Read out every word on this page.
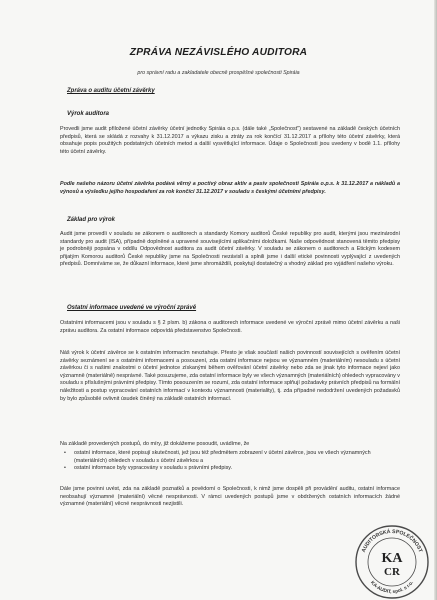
ZPRÁVA NEZÁVISLÉHO AUDITORA
pro správní radu a zakladatele obecně prospěšné společnosti Spiráia
Zpráva o auditu účetní závěrky
Výrok auditora
Provedli jsme audit přiložené účetní závěrky účetní jednotky Spiráia o.p.s. (dále také „Společnost") sestavené na základě českých účetních předpisů, která se skládá z rozvahy k 31.12.2017 a výkazu zisku a ztráty za rok končící 31.12.2017 a přílohy této účetní závěrky, která obsahuje popis použitých podstatných účetních metod a další vysvětlující informace. Údaje o Společnosti jsou uvedeny v bodě 1.1. přílohy této účetní závěrky.
Podle našeho názoru účetní závěrka podává věrný a poctivý obraz aktiv a pasiv společnosti Spiráia o.p.s. k 31.12.2017 a nákladů a výnosů a výsledku jejího hospodaření za rok končící 31.12.2017 v souladu s českými účetními předpisy.
Základ pro výrok
Audit jsme provedli v souladu se zákonem o auditorech a standardy Komory auditorů České republiky pro audit, kterými jsou mezinárodní standardy pro audit (ISA), případně doplněné a upravené souvisejícími aplikačními doložkami. Naše odpovědnost stanovená těmito předpisy je podrobněji popsána v oddílu Odpovědnost auditora za audit účetní závěrky. V souladu se zákonem o auditorech a Etickým kodexem přijatým Komorou auditorů České republiky jsme na Společnosti nezávislí a splnili jsme i další etické povinnosti vyplývající z uvedených předpisů. Domníváme se, že důkazní informace, které jsme shromáždili, poskytují dostatečný a vhodný základ pro vyjádření našeho výroku.
Ostatní informace uvedené ve výroční zprávě
Ostatními informacemi jsou v souladu s § 2 písm. b) zákona o auditorech informace uvedené ve výroční zprávě mimo účetní závěrku a naši zprávu auditora. Za ostatní informace odpovídá představenstvo Společnosti.
Náš výrok k účetní závěrce se k ostatním informacím nevztahuje. Přesto je však součástí našich povinností souvisejících s ověřením účetní závěrky seznámení se s ostatními informacemi a posouzení, zda ostatní informace nejsou ve významném (materiálním) nesouladu s účetní závěrkou či s našimi znalostmi o účetní jednotce získanými během ověřování účetní závěrky nebo zda se jinak tyto informace nejeví jako významně (materiálně) nesprávné. Také posuzujeme, zda ostatní informace byly ve všech významných (materiálních) ohledech vypracovány v souladu s příslušnými právními předpisy. Tímto posouzením se rozumí, zda ostatní informace splňují požadavky právních předpisů na formální náležitosti a postup vypracování ostatních informací v kontextu významnosti (materiality), tj. zda případné nedodržení uvedených požadavků by bylo způsobilé ovlivnit úsudek činěný na základě ostatních informací.
Na základě provedených postupů, do míry, již dokážeme posoudit, uvádíme, že
•	ostatní informace, které popisují skutečnosti, jež jsou též předmětem zobrazení v účetní závěrce, jsou ve všech významných (materiálních) ohledech v souladu s účetní závěrkou a
•	ostatní informace byly vypracovány v souladu s právními předpisy.
Dále jsme povinni uvést, zda na základě poznatků a povědomí o Společnosti, k nimž jsme dospěli při provádění auditu, ostatní informace neobsahují významné (materiální) věcné nesprávnosti. V rámci uvedených postupů jsme v obdržených ostatních informacích žádné významné (materiální) věcné nesprávnosti nezjistili.
AUDITORSKÁ SPOLEČNOST
KA-AUDIT, spol. s r.o.
KA
CR
